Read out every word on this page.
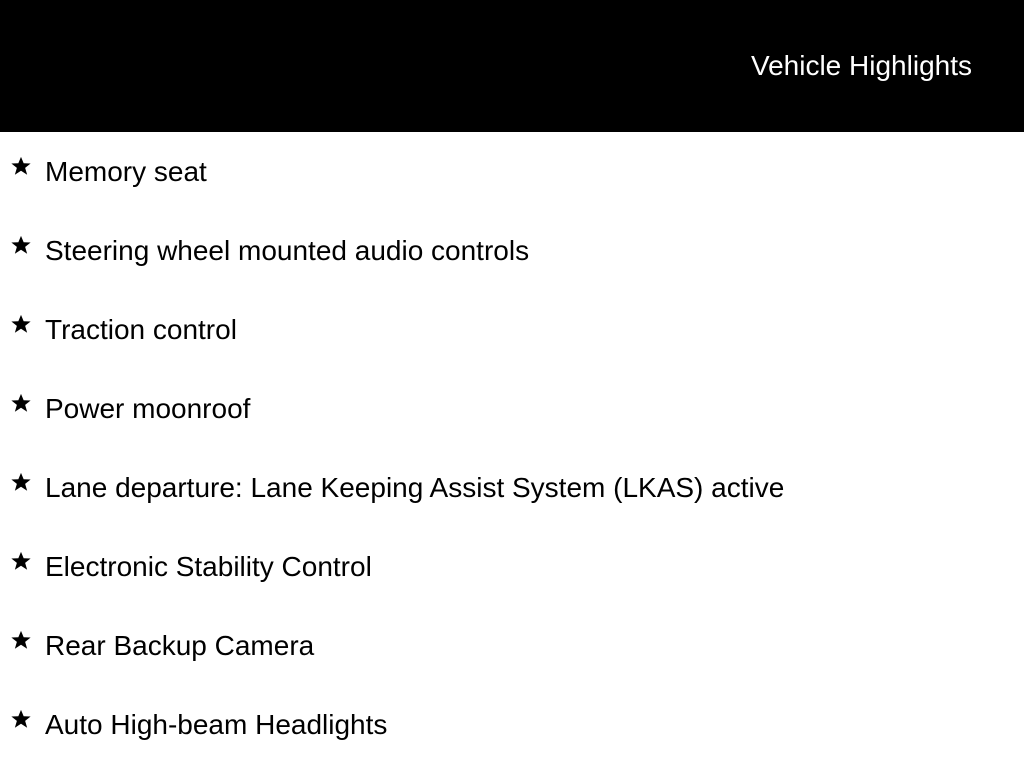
Vehicle Highlights
Memory seat
Steering wheel mounted audio controls
Traction control
Power moonroof
Lane departure: Lane Keeping Assist System (LKAS) active
Electronic Stability Control
Rear Backup Camera
Auto High-beam Headlights
